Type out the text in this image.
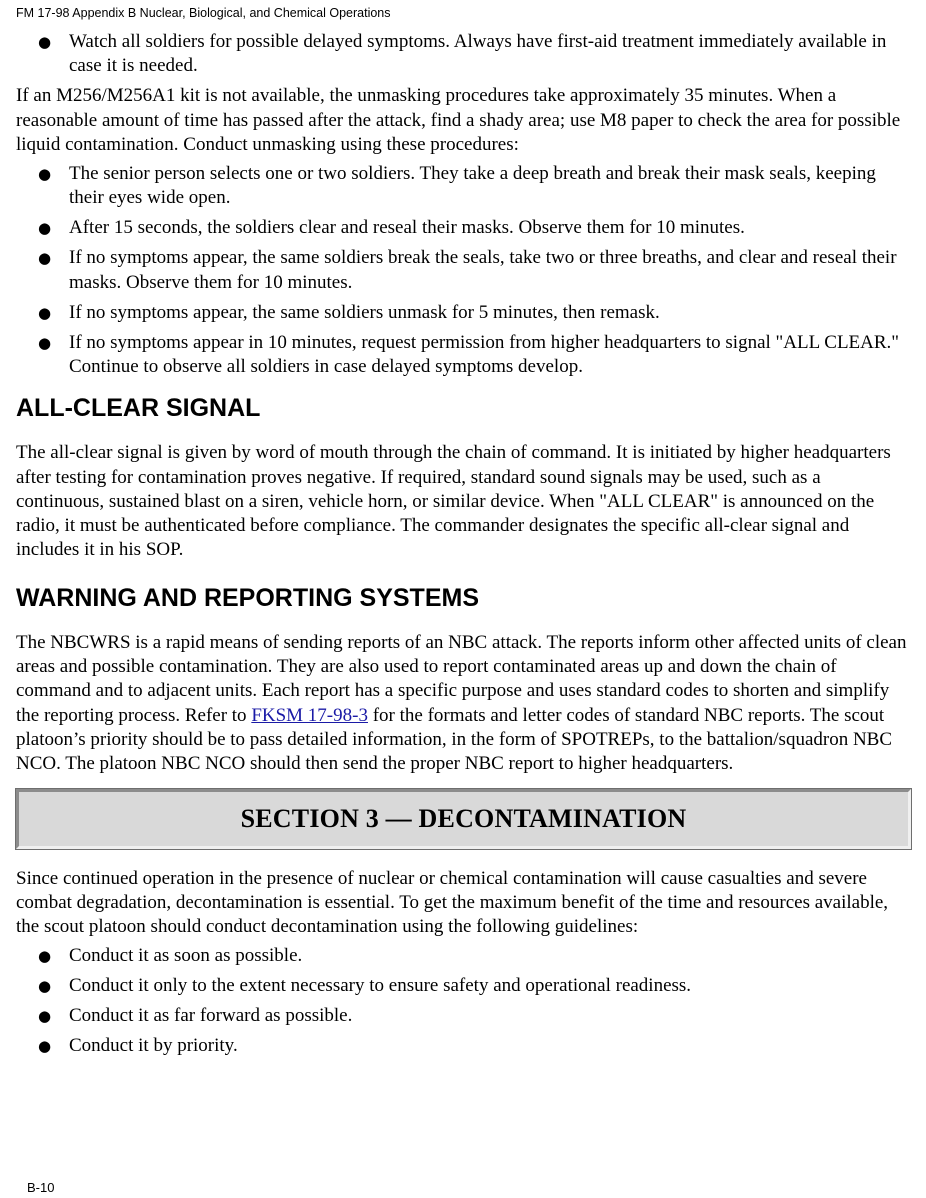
FM 17-98 Appendix B Nuclear, Biological, and Chemical Operations
● Watch all soldiers for possible delayed symptoms. Always have first-aid treatment immediately available in case it is needed.

If an M256/M256A1 kit is not available, the unmasking procedures take approximately 35 minutes. When a reasonable amount of time has passed after the attack, find a shady area; use M8 paper to check the area for possible liquid contamination. Conduct unmasking using these procedures:

● The senior person selects one or two soldiers. They take a deep breath and break their mask seals, keeping their eyes wide open.
● After 15 seconds, the soldiers clear and reseal their masks. Observe them for 10 minutes.
● If no symptoms appear, the same soldiers break the seals, take two or three breaths, and clear and reseal their masks. Observe them for 10 minutes.
● If no symptoms appear, the same soldiers unmask for 5 minutes, then remask.
● If no symptoms appear in 10 minutes, request permission from higher headquarters to signal "ALL CLEAR." Continue to observe all soldiers in case delayed symptoms develop.
ALL-CLEAR SIGNAL

The all-clear signal is given by word of mouth through the chain of command. It is initiated by higher headquarters after testing for contamination proves negative. If required, standard sound signals may be used, such as a continuous, sustained blast on a siren, vehicle horn, or similar device. When "ALL CLEAR" is announced on the radio, it must be authenticated before compliance. The commander designates the specific all-clear signal and includes it in his SOP.

WARNING AND REPORTING SYSTEMS

The NBCWRS is a rapid means of sending reports of an NBC attack. The reports inform other affected units of clean areas and possible contamination. They are also used to report contaminated areas up and down the chain of command and to adjacent units. Each report has a specific purpose and uses standard codes to shorten and simplify the reporting process. Refer to FKSM 17-98-3 for the formats and letter codes of standard NBC reports. The scout platoon’s priority should be to pass detailed information, in the form of SPOTREPs, to the battalion/squadron NBC NCO. The platoon NBC NCO should then send the proper NBC report to higher headquarters.

SECTION 3 — DECONTAMINATION

Since continued operation in the presence of nuclear or chemical contamination will cause casualties and severe combat degradation, decontamination is essential. To get the maximum benefit of the time and resources available, the scout platoon should conduct decontamination using the following guidelines:

● Conduct it as soon as possible.
● Conduct it only to the extent necessary to ensure safety and operational readiness.
● Conduct it as far forward as possible.
● Conduct it by priority.
B-10
